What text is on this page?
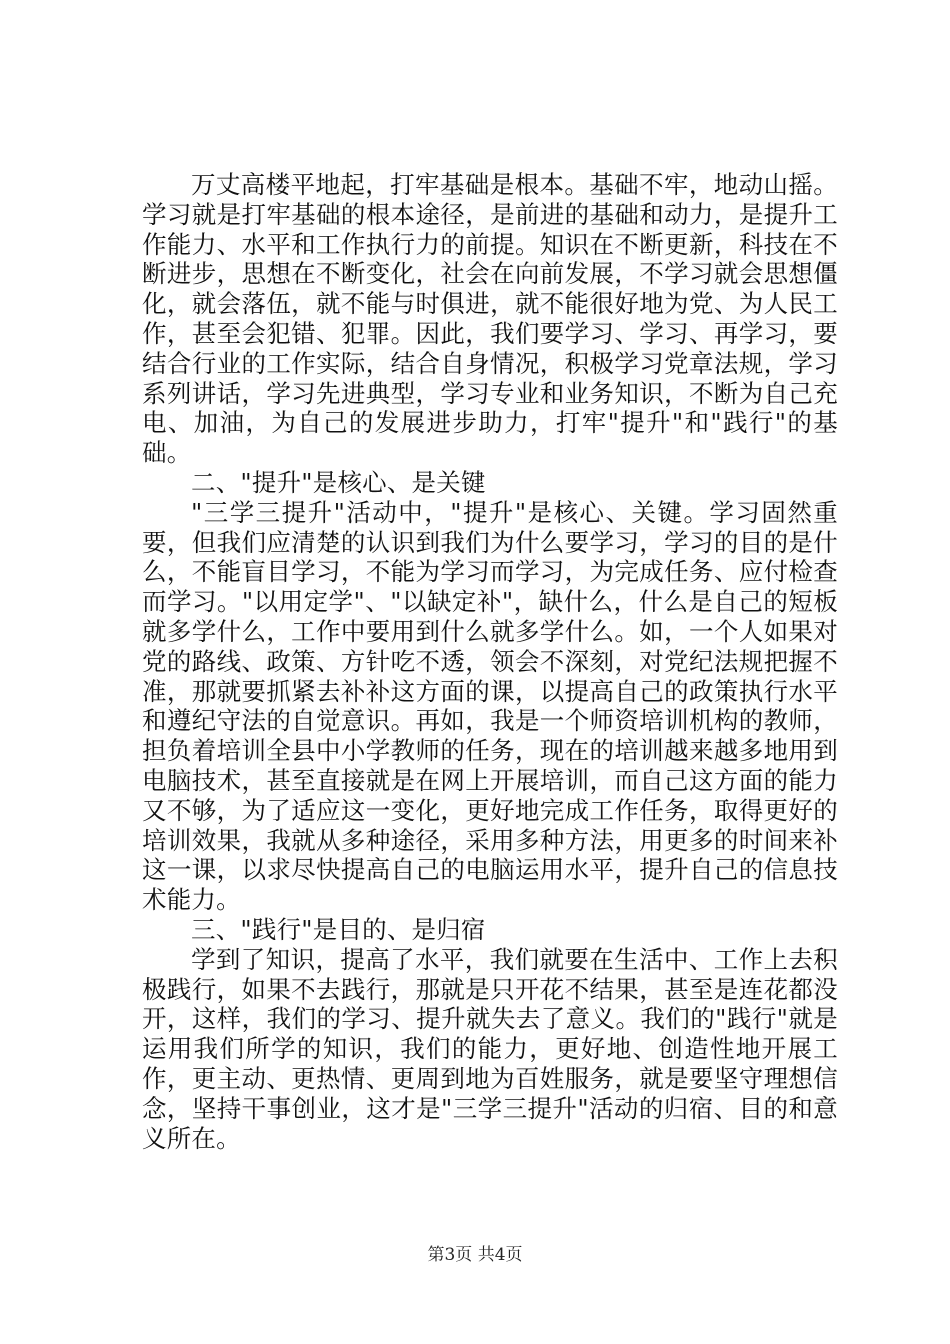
万丈高楼平地起，打牢基础是根本。基础不牢，地动山摇。学习就是打牢基础的根本途径，是前进的基础和动力，是提升工作能力、水平和工作执行力的前提。知识在不断更新，科技在不断进步，思想在不断变化，社会在向前发展，不学习就会思想僵化，就会落伍，就不能与时俱进，就不能很好地为党、为人民工作，甚至会犯错、犯罪。因此，我们要学习、学习、再学习，要结合行业的工作实际，结合自身情况，积极学习党章法规，学习系列讲话，学习先进典型，学习专业和业务知识，不断为自己充电、加油，为自己的发展进步助力，打牢"提升"和"践行"的基础。

二、"提升"是核心、是关键

"三学三提升"活动中，"提升"是核心、关键。学习固然重要，但我们应清楚的认识到我们为什么要学习，学习的目的是什么，不能盲目学习，不能为学习而学习，为完成任务、应付检查而学习。"以用定学"、"以缺定补"，缺什么，什么是自己的短板就多学什么，工作中要用到什么就多学什么。如，一个人如果对党的路线、政策、方针吃不透，领会不深刻，对党纪法规把握不准，那就要抓紧去补补这方面的课，以提高自己的政策执行水平和遵纪守法的自觉意识。再如，我是一个师资培训机构的教师，担负着培训全县中小学教师的任务，现在的培训越来越多地用到电脑技术，甚至直接就是在网上开展培训，而自己这方面的能力又不够，为了适应这一变化，更好地完成工作任务，取得更好的培训效果，我就从多种途径，采用多种方法，用更多的时间来补这一课，以求尽快提高自己的电脑运用水平，提升自己的信息技术能力。

三、"践行"是目的、是归宿

学到了知识，提高了水平，我们就要在生活中、工作上去积极践行，如果不去践行，那就是只开花不结果，甚至是连花都没开，这样，我们的学习、提升就失去了意义。我们的"践行"就是运用我们所学的知识，我们的能力，更好地、创造性地开展工作，更主动、更热情、更周到地为百姓服务，就是要坚守理想信念，坚持干事创业，这才是"三学三提升"活动的归宿、目的和意义所在。

第3页 共4页
